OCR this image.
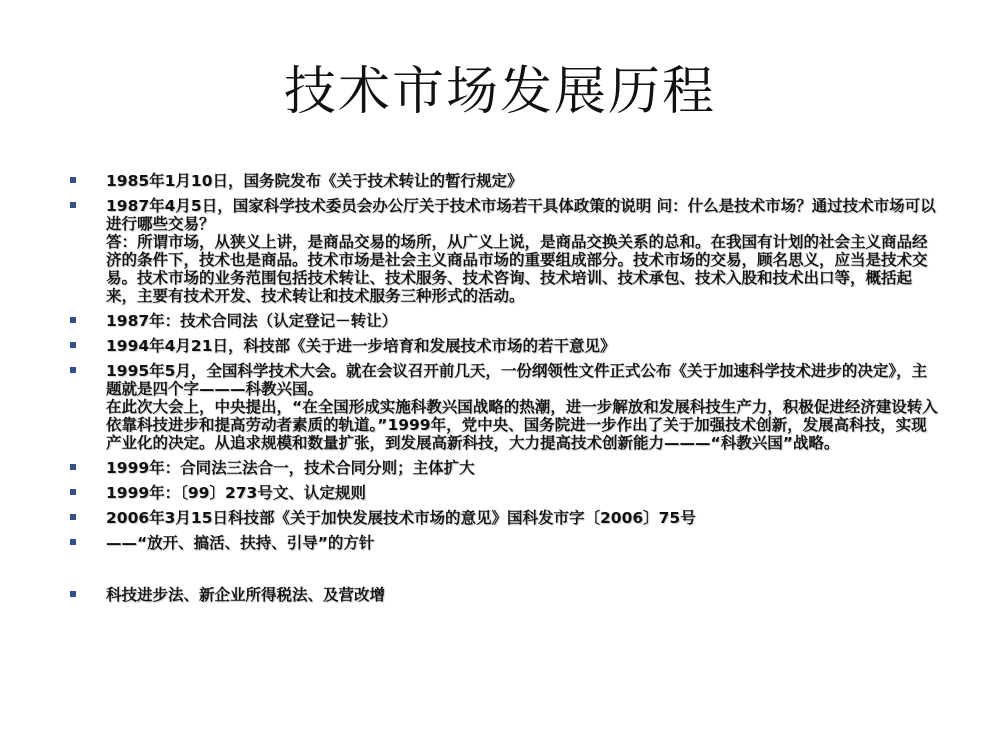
技术市场发展历程
1985年1月10日，国务院发布《关于技术转让的暂行规定》
1987年4月5日，国家科学技术委员会办公厅关于技术市场若干具体政策的说明 问：什么是技术市场？通过技术市场可以进行哪些交易？
答：所谓市场，从狭义上讲，是商品交易的场所，从广义上说，是商品交换关系的总和。在我国有计划的社会主义商品经济的条件下，技术也是商品。技术市场是社会主义商品市场的重要组成部分。技术市场的交易，顾名思义，应当是技术交易。技术市场的业务范围包括技术转让、技术服务、技术咨询、技术培训、技术承包、技术入股和技术出口等，概括起来，主要有技术开发、技术转让和技术服务三种形式的活动。
1987年：技术合同法（认定登记－转让）
1994年4月21日，科技部《关于进一步培育和发展技术市场的若干意见》
1995年5月，全国科学技术大会。就在会议召开前几天，一份纲领性文件正式公布《关于加速科学技术进步的决定》，主题就是四个字———科教兴国。
在此次大会上，中央提出，“在全国形成实施科教兴国战略的热潮，进一步解放和发展科技生产力，积极促进经济建设转入依靠科技进步和提高劳动者素质的轨道。”1999年，党中央、国务院进一步作出了关于加强技术创新，发展高科技，实现产业化的决定。从追求规模和数量扩张，到发展高新科技，大力提高技术创新能力———“科教兴国”战略。
1999年：合同法三法合一，技术合同分则；主体扩大
1999年：〔99〕273号文、认定规则
2006年3月15日科技部《关于加快发展技术市场的意见》国科发市字〔2006〕75号
——“放开、搞活、扶持、引导”的方针
科技进步法、新企业所得税法、及营改增
